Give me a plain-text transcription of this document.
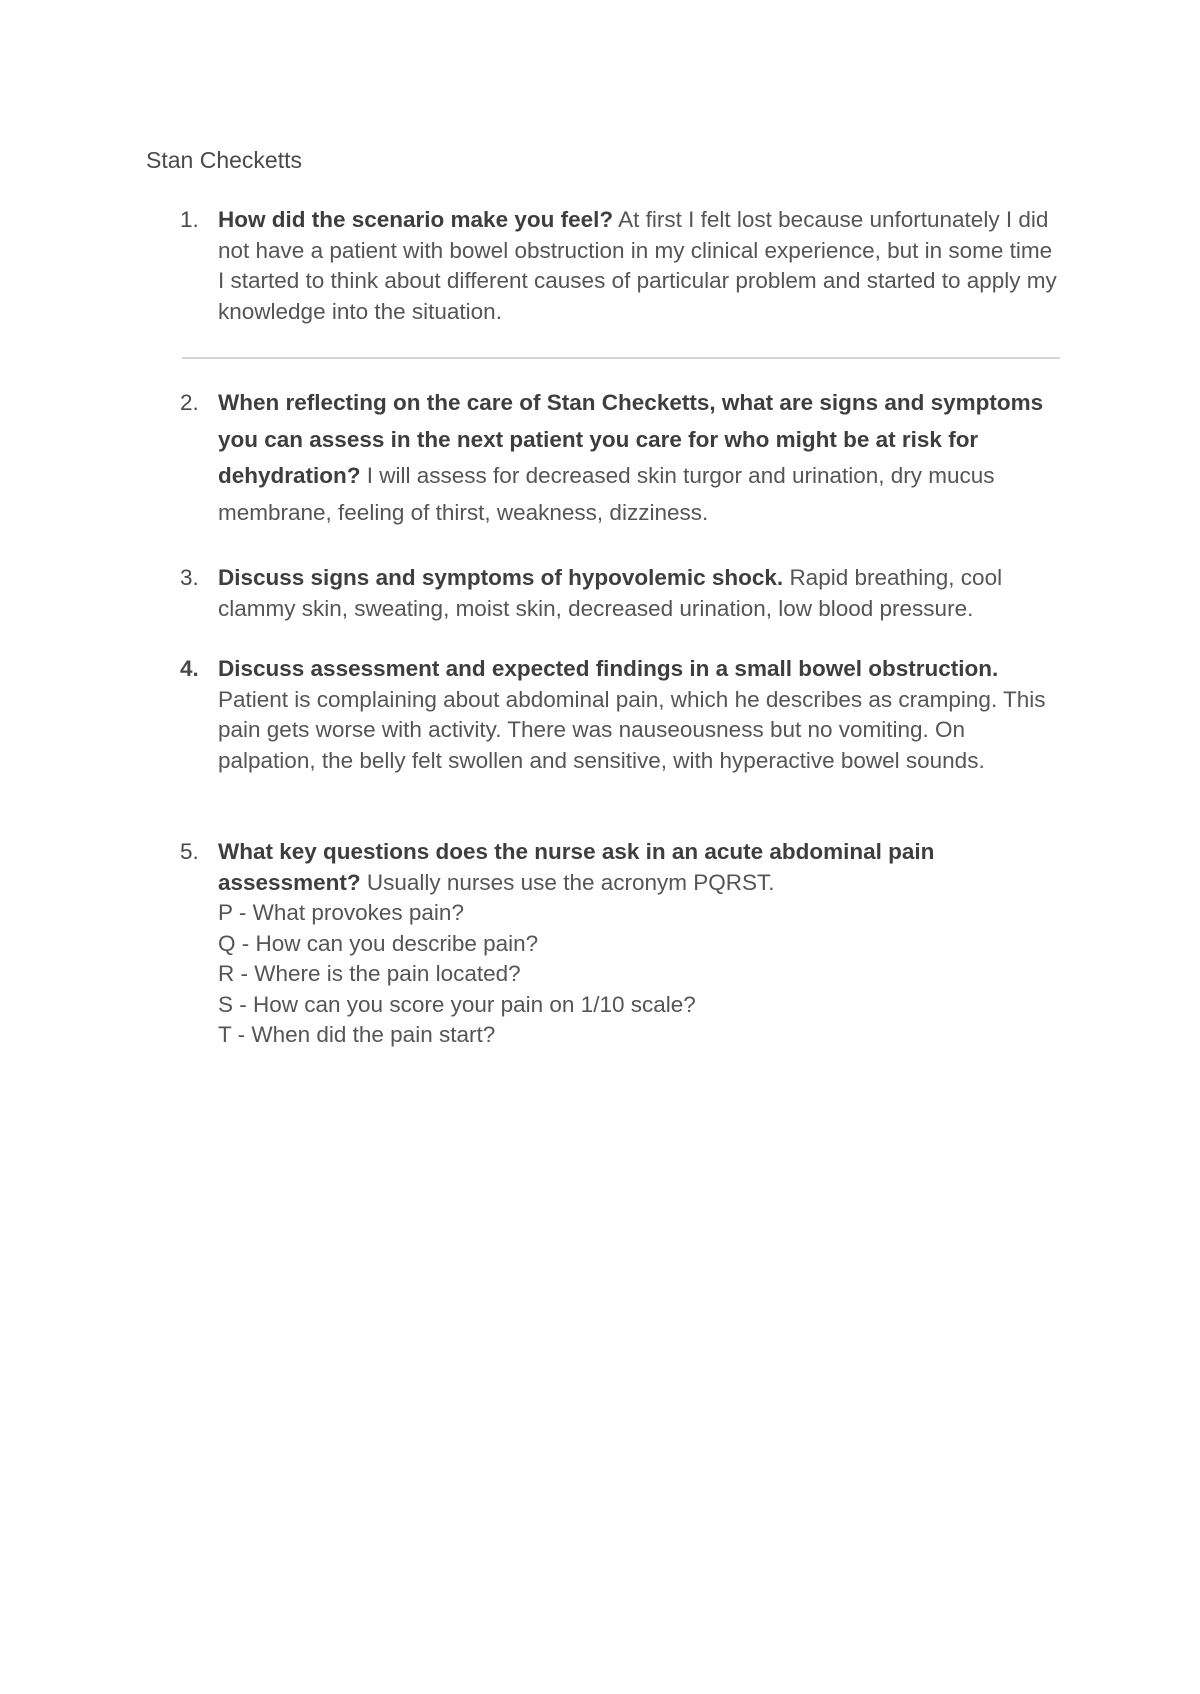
Stan Checketts
1. How did the scenario make you feel? At first I felt lost because unfortunately I did not have a patient with bowel obstruction in my clinical experience, but in some time I started to think about different causes of particular problem and started to apply my knowledge into the situation.
2. When reflecting on the care of Stan Checketts, what are signs and symptoms you can assess in the next patient you care for who might be at risk for dehydration? I will assess for decreased skin turgor and urination, dry mucus membrane, feeling of thirst, weakness, dizziness.
3. Discuss signs and symptoms of hypovolemic shock. Rapid breathing, cool clammy skin, sweating, moist skin, decreased urination, low blood pressure.
4. Discuss assessment and expected findings in a small bowel obstruction. Patient is complaining about abdominal pain, which he describes as cramping. This pain gets worse with activity. There was nauseousness but no vomiting. On palpation, the belly felt swollen and sensitive, with hyperactive bowel sounds.
5. What key questions does the nurse ask in an acute abdominal pain assessment? Usually nurses use the acronym PQRST.
P - What provokes pain?
Q - How can you describe pain?
R - Where is the pain located?
S - How can you score your pain on 1/10 scale?
T - When did the pain start?
